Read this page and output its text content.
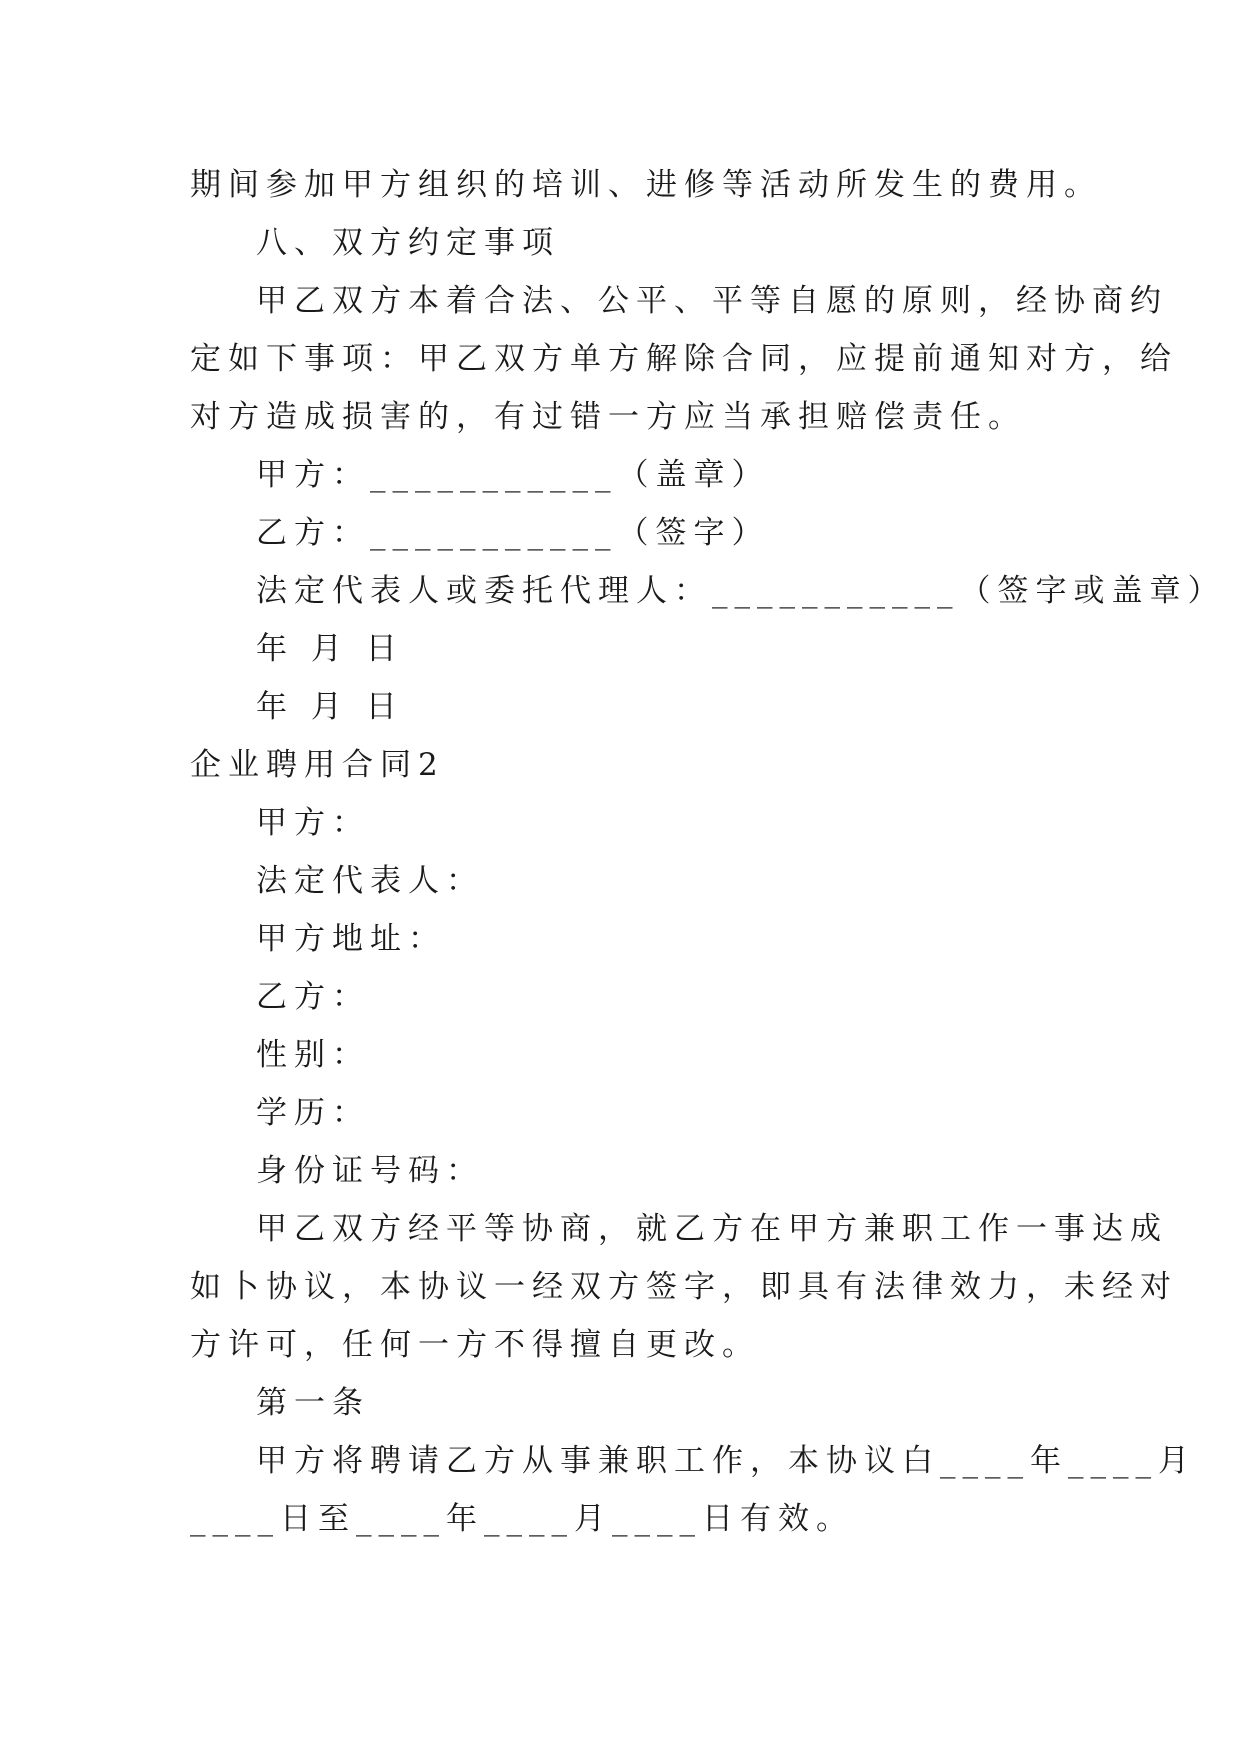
期间参加甲方组织的培训、进修等活动所发生的费用。
八、双方约定事项
甲乙双方本着合法、公平、平等自愿的原则，经协商约
定如下事项：甲乙双方单方解除合同，应提前通知对方，给
对方造成损害的，有过错一方应当承担赔偿责任。
甲方：___________（盖章）
乙方：___________（签字）
法定代表人或委托代理人：___________（签字或盖章）
年 月 日
年 月 日
企业聘用合同2
甲方：
法定代表人：
甲方地址：
乙方：
性别：
学历：
身份证号码：
甲乙双方经平等协商，就乙方在甲方兼职工作一事达成
如卜协议，本协议一经双方签字，即具有法律效力，未经对
方许可，任何一方不得擅自更改。
第一条
甲方将聘请乙方从事兼职工作，本协议白____年____月
____日至____年____月____日有效。
